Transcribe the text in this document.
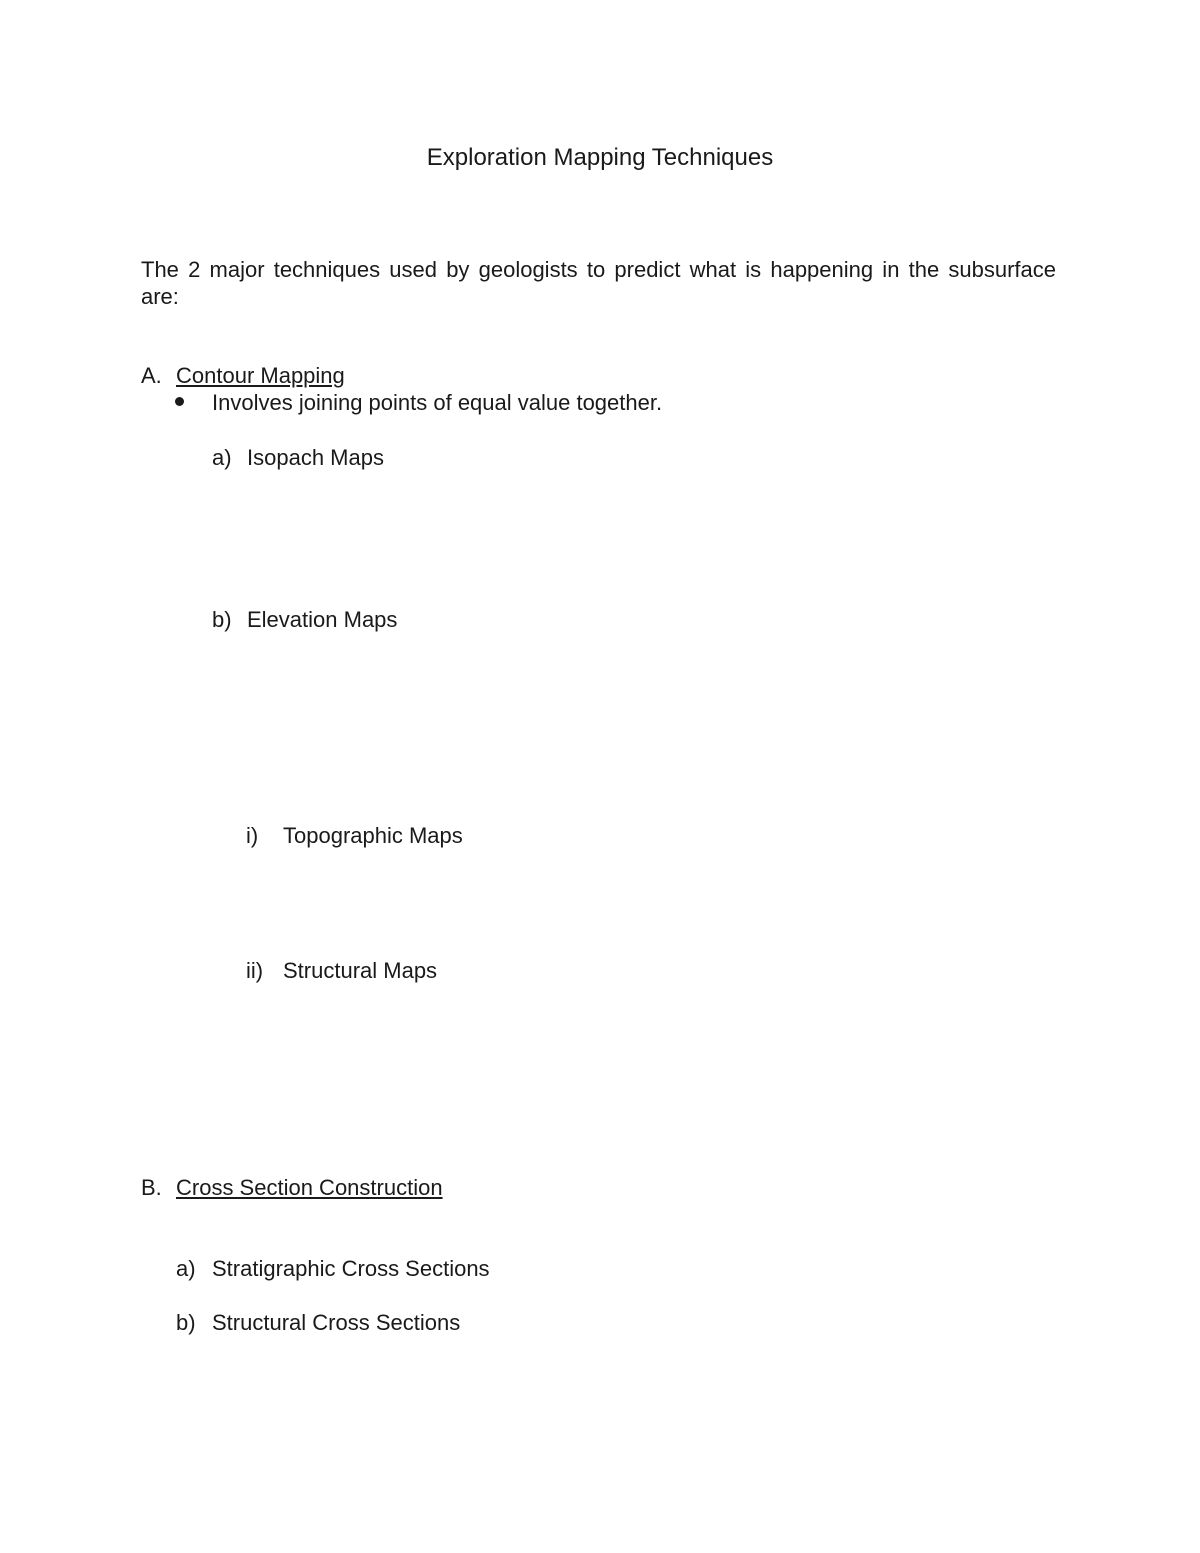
Exploration Mapping Techniques
The 2 major techniques used by geologists to predict what is happening in the subsurface are:
A. Contour Mapping
Involves joining points of equal value together.
a) Isopach Maps
b) Elevation Maps
i) Topographic Maps
ii) Structural Maps
B. Cross Section Construction
a) Stratigraphic Cross Sections
b) Structural Cross Sections
